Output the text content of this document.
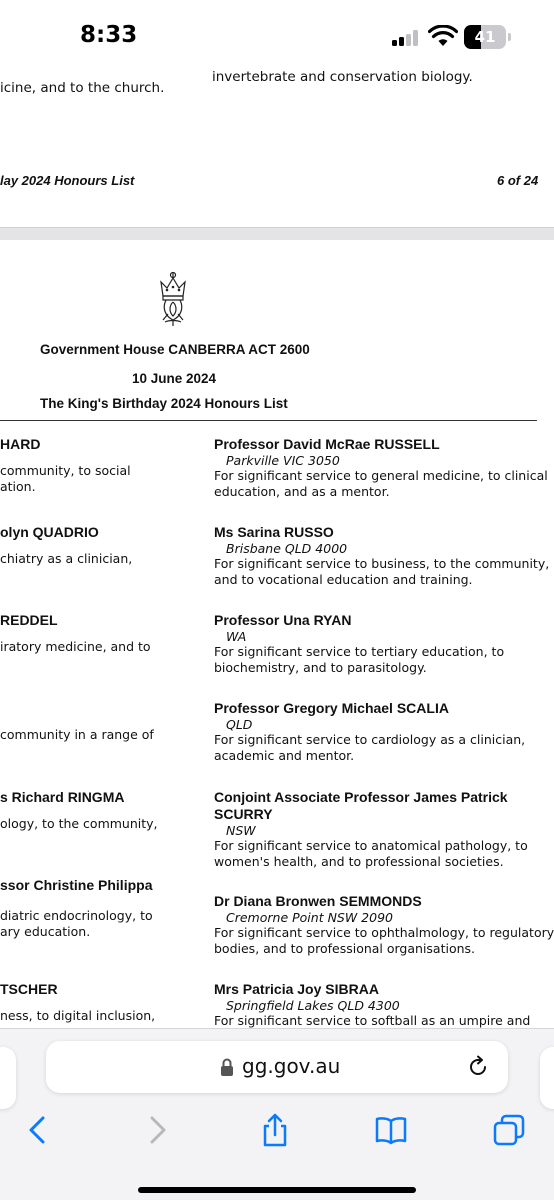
8:33	41
icine, and to the church.
invertebrate and conservation biology.
lay 2024 Honours List	6 of 24
Government House CANBERRA ACT 2600
10 June 2024
The King's Birthday 2024 Honours List
HARD
community, to social
ation.
olyn QUADRIO
chiatry as a clinician,
REDDEL
iratory medicine, and to
community in a range of
s Richard RINGMA
ology, to the community,
ssor Christine Philippa
diatric endocrinology, to
ary education.
TSCHER
ness, to digital inclusion,
Professor David McRae RUSSELL
Parkville VIC 3050
For significant service to general medicine, to clinical
education, and as a mentor.
Ms Sarina RUSSO
Brisbane QLD 4000
For significant service to business, to the community,
and to vocational education and training.
Professor Una RYAN
WA
For significant service to tertiary education, to
biochemistry, and to parasitology.
Professor Gregory Michael SCALIA
QLD
For significant service to cardiology as a clinician,
academic and mentor.
Conjoint Associate Professor James Patrick
SCURRY
NSW
For significant service to anatomical pathology, to
women's health, and to professional societies.
Dr Diana Bronwen SEMMONDS
Cremorne Point NSW 2090
For significant service to ophthalmology, to regulatory
bodies, and to professional organisations.
Mrs Patricia Joy SIBRAA
Springfield Lakes QLD 4300
For significant service to softball as an umpire and
gg.gov.au
